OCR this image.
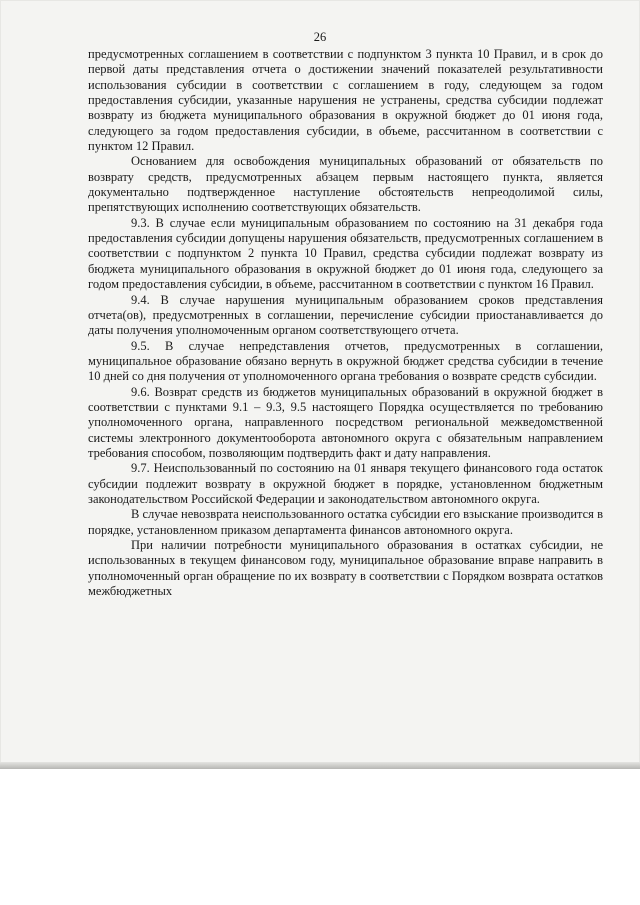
26

предусмотренных соглашением в соответствии с подпунктом 3 пункта 10 Правил, и в срок до первой даты представления отчета о достижении значений показателей результативности использования субсидии в соответствии с соглашением в году, следующем за годом предоставления субсидии, указанные нарушения не устранены, средства субсидии подлежат возврату из бюджета муниципального образования в окружной бюджет до 01 июня года, следующего за годом предоставления субсидии, в объеме, рассчитанном в соответствии с пунктом 12 Правил.

Основанием для освобождения муниципальных образований от обязательств по возврату средств, предусмотренных абзацем первым настоящего пункта, является документально подтвержденное наступление обстоятельств непреодолимой силы, препятствующих исполнению соответствующих обязательств.

9.3. В случае если муниципальным образованием по состоянию на 31 декабря года предоставления субсидии допущены нарушения обязательств, предусмотренных соглашением в соответствии с подпунктом 2 пункта 10 Правил, средства субсидии подлежат возврату из бюджета муниципального образования в окружной бюджет до 01 июня года, следующего за годом предоставления субсидии, в объеме, рассчитанном в соответствии с пунктом 16 Правил.

9.4. В случае нарушения муниципальным образованием сроков представления отчета(ов), предусмотренных в соглашении, перечисление субсидии приостанавливается до даты получения уполномоченным органом соответствующего отчета.

9.5. В случае непредставления отчетов, предусмотренных в соглашении, муниципальное образование обязано вернуть в окружной бюджет средства субсидии в течение 10 дней со дня получения от уполномоченного органа требования о возврате средств субсидии.

9.6. Возврат средств из бюджетов муниципальных образований в окружной бюджет в соответствии с пунктами 9.1 – 9.3, 9.5 настоящего Порядка осуществляется по требованию уполномоченного органа, направленного посредством региональной межведомственной системы электронного документооборота автономного округа с обязательным направлением требования способом, позволяющим подтвердить факт и дату направления.

9.7. Неиспользованный по состоянию на 01 января текущего финансового года остаток субсидии подлежит возврату в окружной бюджет в порядке, установленном бюджетным законодательством Российской Федерации и законодательством автономного округа.

В случае невозврата неиспользованного остатка субсидии его взыскание производится в порядке, установленном приказом департамента финансов автономного округа.

При наличии потребности муниципального образования в остатках субсидии, не использованных в текущем финансовом году, муниципальное образование вправе направить в уполномоченный орган обращение по их возврату в соответствии с Порядком возврата остатков межбюджетных
